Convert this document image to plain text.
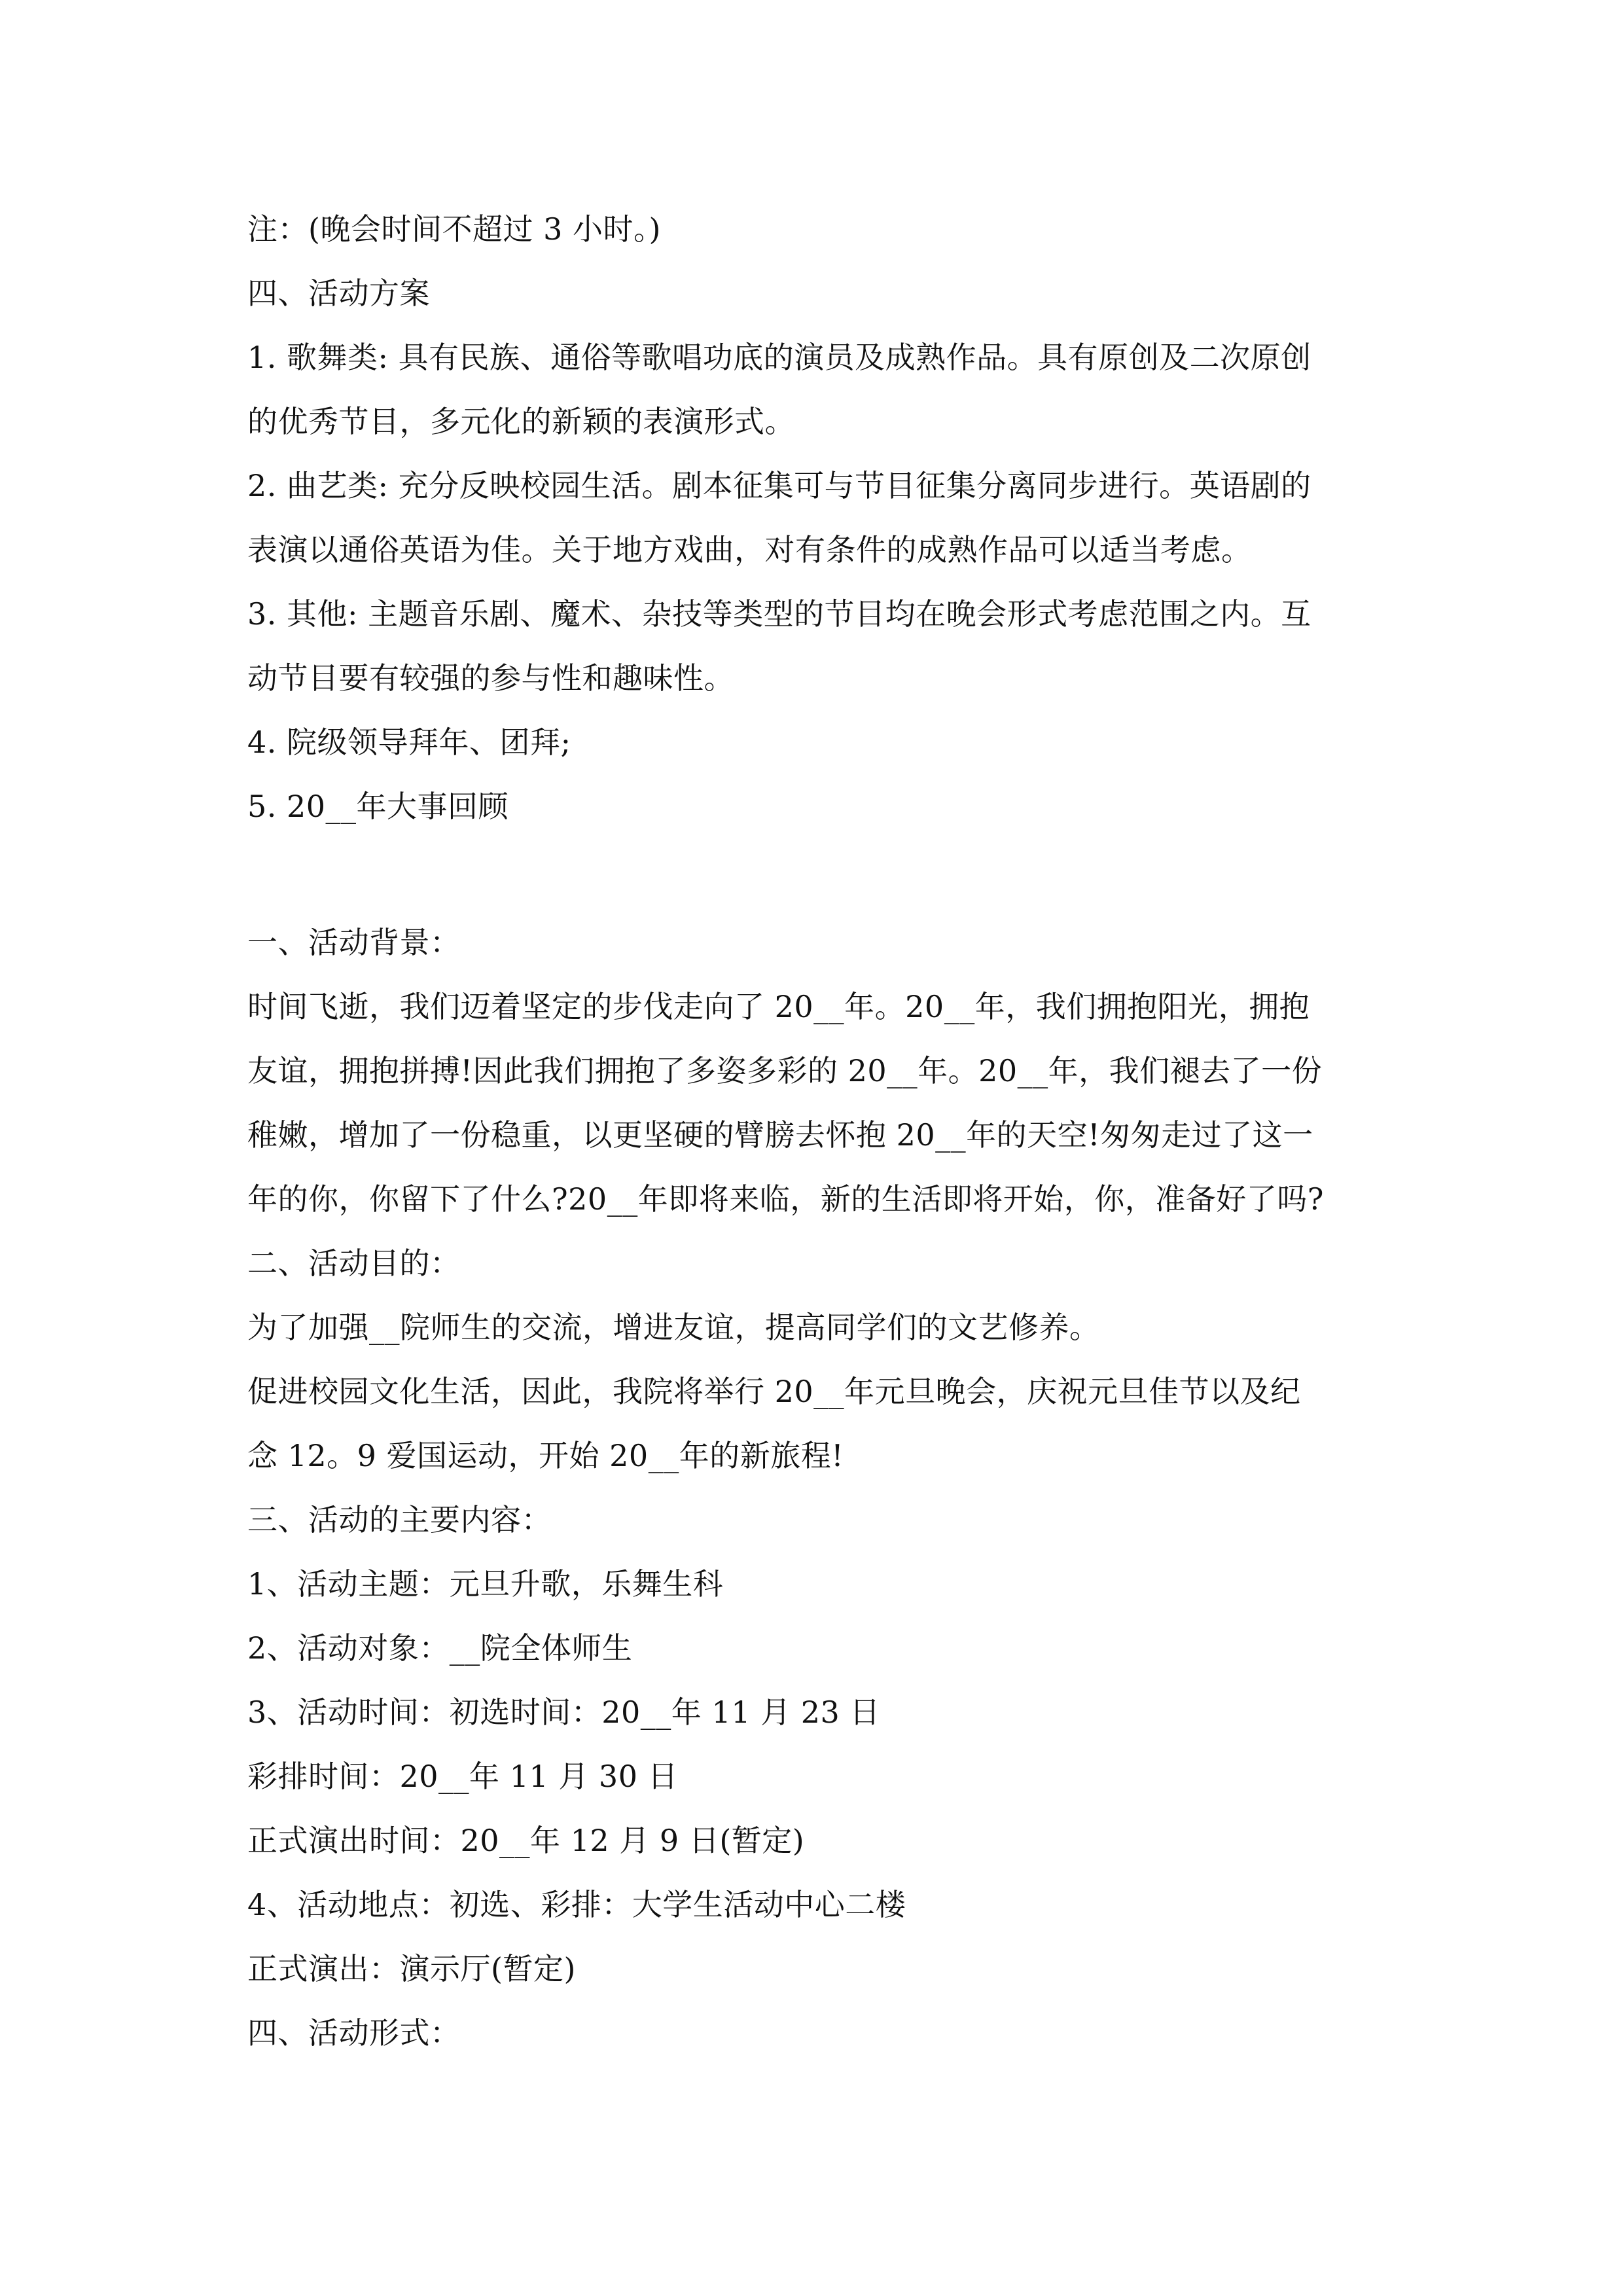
注：(晚会时间不超过 3 小时。)
四、活动方案
1. 歌舞类: 具有民族、通俗等歌唱功底的演员及成熟作品。具有原创及二次原创
的优秀节目，多元化的新颖的表演形式。
2. 曲艺类: 充分反映校园生活。剧本征集可与节目征集分离同步进行。英语剧的
表演以通俗英语为佳。关于地方戏曲，对有条件的成熟作品可以适当考虑。
3. 其他: 主题音乐剧、魔术、杂技等类型的节目均在晚会形式考虑范围之内。互
动节目要有较强的参与性和趣味性。
4. 院级领导拜年、团拜;
5. 20__年大事回顾
一、活动背景：
时间飞逝，我们迈着坚定的步伐走向了 20__年。20__年，我们拥抱阳光，拥抱
友谊，拥抱拼搏!因此我们拥抱了多姿多彩的 20__年。20__年，我们褪去了一份
稚嫩，增加了一份稳重，以更坚硬的臂膀去怀抱 20__年的天空!匆匆走过了这一
年的你，你留下了什么?20__年即将来临，新的生活即将开始，你，准备好了吗?
二、活动目的：
为了加强__院师生的交流，增进友谊，提高同学们的文艺修养。
促进校园文化生活，因此，我院将举行 20__年元旦晚会，庆祝元旦佳节以及纪
念 12。9 爱国运动，开始 20__年的新旅程!
三、活动的主要内容：
1、活动主题：元旦升歌，乐舞生科
2、活动对象：__院全体师生
3、活动时间：初选时间：20__年 11 月 23 日
彩排时间：20__年 11 月 30 日
正式演出时间：20__年 12 月 9 日(暂定)
4、活动地点：初选、彩排：大学生活动中心二楼
正式演出：演示厅(暂定)
四、活动形式：
